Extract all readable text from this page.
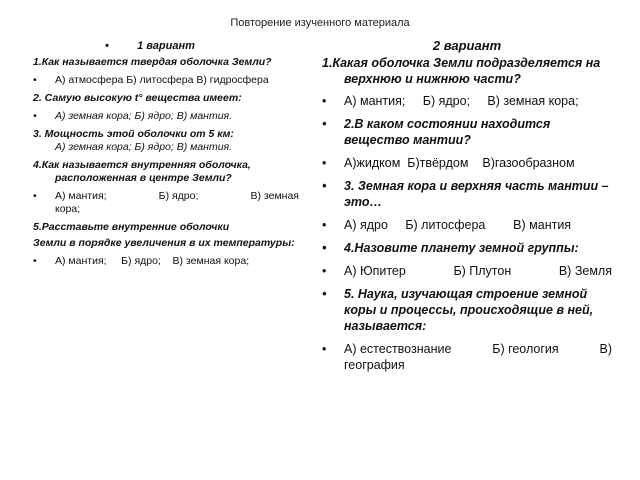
Повторение изученного материала
•	1 вариант
1.Как называется твердая оболочка Земли?
• А) атмосфера Б) литосфера В) гидросфера
2. Самую высокую t° вещества имеет:
• А) земная кора; Б) ядро; В) мантия.
3. Мощность этой оболочки от 5 км:
А) земная кора; Б) ядро; В) мантия.
4.Как называется внутренняя оболочка, расположенная в центре Земли?
• А) мантия;	Б) ядро;	В) земная
кора;
5.Расставьте внутренние оболочки
Земли в порядке увеличения в их температуры:
• А) мантия; Б) ядро; В) земная кора;
2 вариант
1.Какая оболочка Земли подразделяется на верхнюю и нижнюю части?
• А) мантия; Б) ядро; В) земная кора;
• 2.В каком состоянии находится вещество мантии?
• А)жидком Б)твёрдом В)газообразном
• 3. Земная кора и верхняя часть мантии – это…
• А) ядро Б) литосфера В) мантия
• 4.Назовите планету земной группы:
• А) Юпитер	Б) Плутон	В) Земля
• 5. Наука, изучающая строение земной коры и процессы, происходящие в ней, называется:
• А) естествознание	Б) геология	В)
география
